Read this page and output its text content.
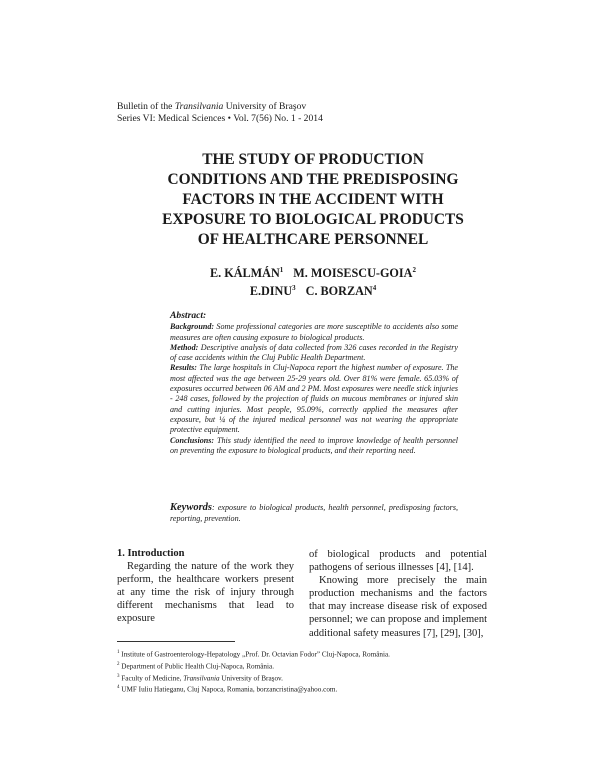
Bulletin of the Transilvania University of Braşov
Series VI: Medical Sciences • Vol. 7(56) No. 1 - 2014
THE STUDY OF PRODUCTION
CONDITIONS AND THE PREDISPOSING
FACTORS IN THE ACCIDENT WITH
EXPOSURE TO BIOLOGICAL PRODUCTS
OF HEALTHCARE PERSONNEL
E. KÁLMÁN$^1$ M. MOISESCU-GOIA$^2$
E.DINU$^3$ C. BORZAN$^4$

Abstract:

Background: Some professional categories are more susceptible to accidents also some measures are often causing exposure to biological products.

Method: Descriptive analysis of data collected from 326 cases recorded in the Registry of case accidents within the Cluj Public Health Department.

Results: The large hospitals in Cluj-Napoca report the highest number of exposure. The most affected was the age between 25-29 years old. Over 81% were female. 65.03% of exposures occurred between 06 AM and 2 PM. Most exposures were needle stick injuries - 248 cases, followed by the projection of fluids on mucous membranes or injured skin and cutting injuries. Most people, 95.09%, correctly applied the measures after exposure, but ¼ of the injured medical personnel was not wearing the appropriate protective equipment.

Conclusions: This study identified the need to improve knowledge of health personnel on preventing the exposure to biological products, and their reporting need.

Keywords: exposure to biological products, health personnel, predisposing factors, reporting, prevention.

1. Introduction

Regarding the nature of the work they perform, the healthcare workers present at any time the risk of injury through different mechanisms that lead to exposure

of biological products and potential pathogens of serious illnesses [4], [14].

Knowing more precisely the main production mechanisms and the factors that may increase disease risk of exposed personnel; we can propose and implement additional safety measures [7], [29], [30],

$^1$ Institute of Gastroenterology-Hepatology „Prof. Dr. Octavian Fodor” Cluj-Napoca, România.
$^2$ Department of Public Health Cluj-Napoca, România.
$^3$ Faculty of Medicine, Transilvania University of Braşov.
$^4$ UMF Iuliu Hatieganu, Cluj Napoca, Romania, borzancristina@yahoo.com.
